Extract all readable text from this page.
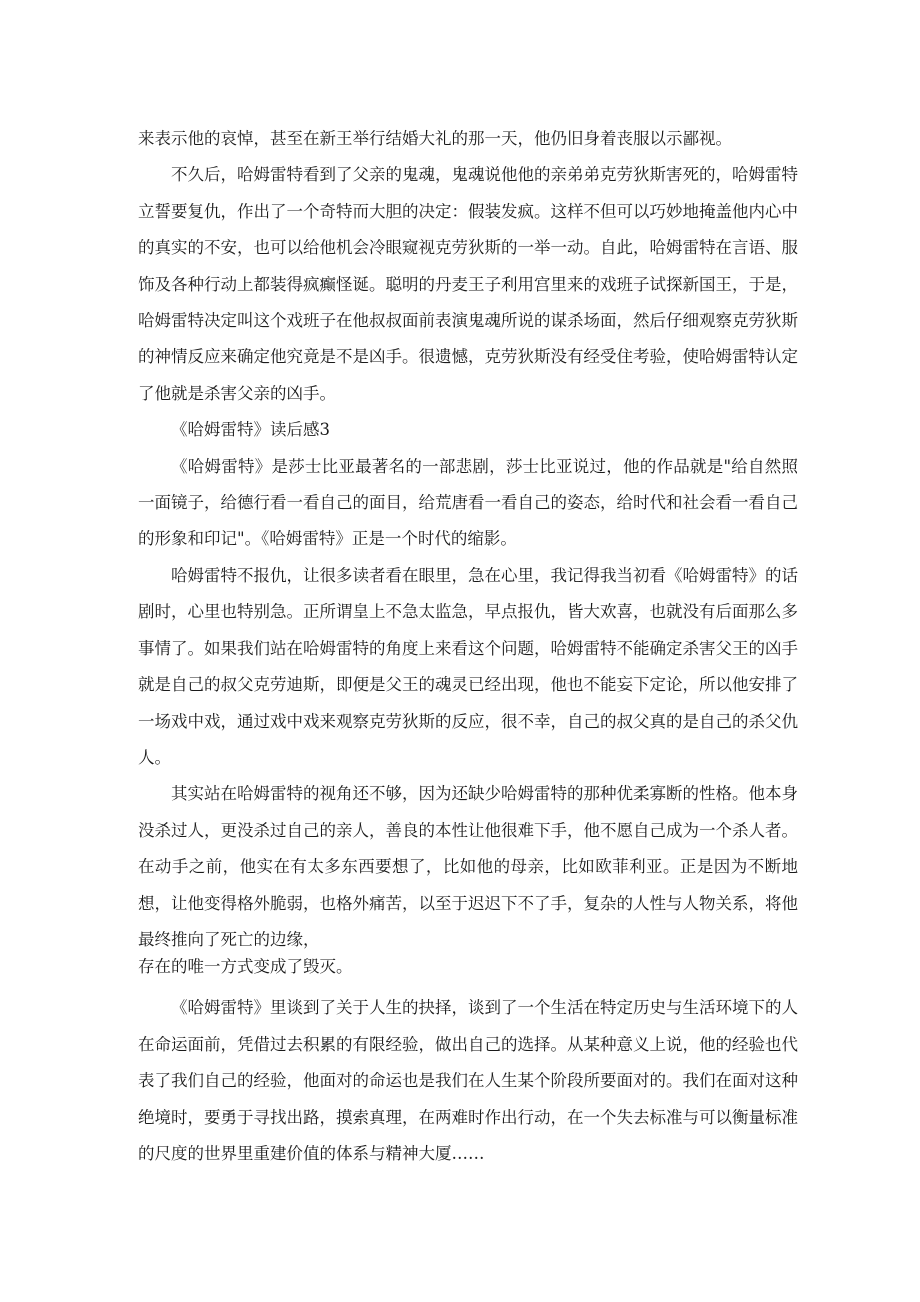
来表示他的哀悼，甚至在新王举行结婚大礼的那一天，他仍旧身着丧服以示鄙视。

不久后，哈姆雷特看到了父亲的鬼魂，鬼魂说他他的亲弟弟克劳狄斯害死的，哈姆雷特立誓要复仇，作出了一个奇特而大胆的决定：假装发疯。这样不但可以巧妙地掩盖他内心中的真实的不安，也可以给他机会冷眼窥视克劳狄斯的一举一动。自此，哈姆雷特在言语、服饰及各种行动上都装得疯癫怪诞。聪明的丹麦王子利用宫里来的戏班子试探新国王，于是，哈姆雷特决定叫这个戏班子在他叔叔面前表演鬼魂所说的谋杀场面，然后仔细观察克劳狄斯的神情反应来确定他究竟是不是凶手。很遗憾，克劳狄斯没有经受住考验，使哈姆雷特认定了他就是杀害父亲的凶手。

《哈姆雷特》读后感3

《哈姆雷特》是莎士比亚最著名的一部悲剧，莎士比亚说过，他的作品就是"给自然照一面镜子，给德行看一看自己的面目，给荒唐看一看自己的姿态，给时代和社会看一看自己的形象和印记"。《哈姆雷特》正是一个时代的缩影。

哈姆雷特不报仇，让很多读者看在眼里，急在心里，我记得我当初看《哈姆雷特》的话剧时，心里也特别急。正所谓皇上不急太监急，早点报仇，皆大欢喜，也就没有后面那么多事情了。如果我们站在哈姆雷特的角度上来看这个问题，哈姆雷特不能确定杀害父王的凶手就是自己的叔父克劳迪斯，即便是父王的魂灵已经出现，他也不能妄下定论，所以他安排了一场戏中戏，通过戏中戏来观察克劳狄斯的反应，很不幸，自己的叔父真的是自己的杀父仇人。

其实站在哈姆雷特的视角还不够，因为还缺少哈姆雷特的那种优柔寡断的性格。他本身没杀过人，更没杀过自己的亲人，善良的本性让他很难下手，他不愿自己成为一个杀人者。在动手之前，他实在有太多东西要想了，比如他的母亲，比如欧菲利亚。正是因为不断地想，让他变得格外脆弱，也格外痛苦，以至于迟迟下不了手，复杂的人性与人物关系，将他最终推向了死亡的边缘，

存在的唯一方式变成了毁灭。

《哈姆雷特》里谈到了关于人生的抉择，谈到了一个生活在特定历史与生活环境下的人在命运面前，凭借过去积累的有限经验，做出自己的选择。从某种意义上说，他的经验也代表了我们自己的经验，他面对的命运也是我们在人生某个阶段所要面对的。我们在面对这种绝境时，要勇于寻找出路，摸索真理，在两难时作出行动，在一个失去标准与可以衡量标准的尺度的世界里重建价值的体系与精神大厦……
